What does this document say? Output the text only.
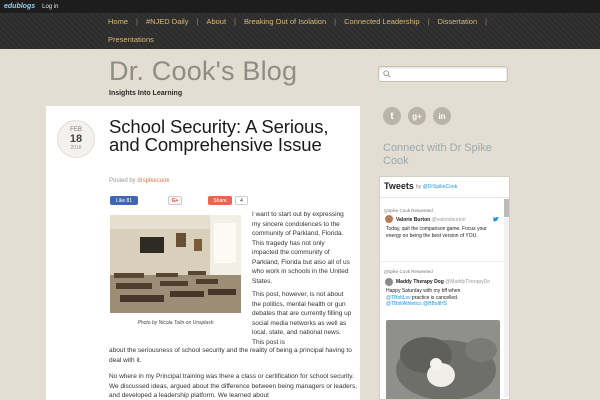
edublogs Log in
Home	|	#NJED Daily	|	About	|	Breaking Out of Isolation	|	Connected Leadership	|	Dissertation	|
Presentations
Dr. Cook's Blog
Insights Into Learning
FEB
18
2018
School Security: A Serious, and Comprehensive Issue
Posted by drspikecook
Like 81	G+	Share	4
Photo by Nicola Tolin on Unsplash
I want to start out by expressing my sincere condolences to the community of Parkland, Florida. This tragedy has not only impacted the community of Parkland, Florida but also all of us who work in schools in the United States.
This post, however, is not about the politics, mental health or gun debates that are currently filling up social media networks as well as local, state, and national news. This post is
about the seriousness of school security and the reality of being a principal having to deal with it.
No where in my Principal training was there a class or certification for school security. We discussed ideas, argued about the difference between being managers or leaders, and developed a leadership platform. We learned about
t	g+	in
Connect with Dr Spike Cook
Tweets by @DrSpikeCook
Spike Cook Retweeted
Valorie Burton @valorieburton
Today, quit the comparison game. Focus your energy on being the best version of YOU.
Spike Cook Retweeted
Maddy Therapy Dog @MaddyTherapyDo
Happy Saturday with my bff when
@TBoltLsv practice is cancelled.
@TBoltAthletics @BBoltHS
